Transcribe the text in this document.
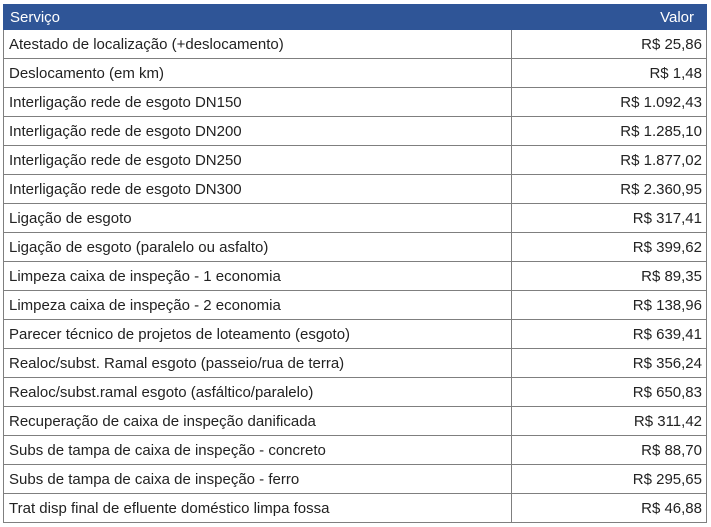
Serviço	Valor
Atestado de localização (+deslocamento)	R$ 25,86
Deslocamento (em km)	R$ 1,48
Interligação rede de esgoto DN150	R$ 1.092,43
Interligação rede de esgoto DN200	R$ 1.285,10
Interligação rede de esgoto DN250	R$ 1.877,02
Interligação rede de esgoto DN300	R$ 2.360,95
Ligação de esgoto	R$ 317,41
Ligação de esgoto (paralelo ou asfalto)	R$ 399,62
Limpeza caixa de inspeção - 1 economia	R$ 89,35
Limpeza caixa de inspeção - 2 economia	R$ 138,96
Parecer técnico de projetos de loteamento (esgoto)	R$ 639,41
Realoc/subst. Ramal esgoto (passeio/rua de terra)	R$ 356,24
Realoc/subst.ramal esgoto (asfáltico/paralelo)	R$ 650,83
Recuperação de caixa de inspeção danificada	R$ 311,42
Subs de tampa de caixa de inspeção - concreto	R$ 88,70
Subs de tampa de caixa de inspeção - ferro	R$ 295,65
Trat disp final de efluente doméstico limpa fossa	R$ 46,88
